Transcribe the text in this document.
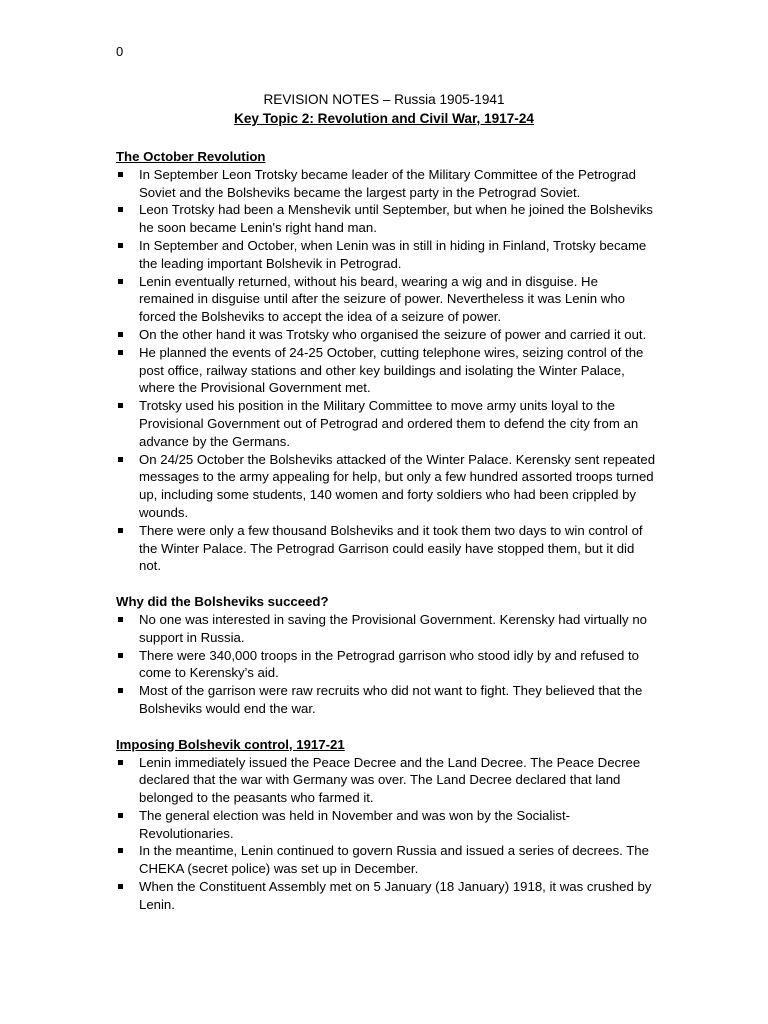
0
REVISION NOTES – Russia 1905-1941
Key Topic 2: Revolution and Civil War, 1917-24
The October Revolution
In September Leon Trotsky became leader of the Military Committee of the Petrograd Soviet and the Bolsheviks became the largest party in the Petrograd Soviet.
Leon Trotsky had been a Menshevik until September, but when he joined the Bolsheviks he soon became Lenin's right hand man.
In September and October, when Lenin was in still in hiding in Finland, Trotsky became the leading important Bolshevik in Petrograd.
Lenin eventually returned, without his beard, wearing a wig and in disguise. He remained in disguise until after the seizure of power. Nevertheless it was Lenin who forced the Bolsheviks to accept the idea of a seizure of power.
On the other hand it was Trotsky who organised the seizure of power and carried it out.
He planned the events of 24-25 October, cutting telephone wires, seizing control of the post office, railway stations and other key buildings and isolating the Winter Palace, where the Provisional Government met.
Trotsky used his position in the Military Committee to move army units loyal to the Provisional Government out of Petrograd and ordered them to defend the city from an advance by the Germans.
On 24/25 October the Bolsheviks attacked of the Winter Palace. Kerensky sent repeated messages to the army appealing for help, but only a few hundred assorted troops turned up, including some students, 140 women and forty soldiers who had been crippled by wounds.
There were only a few thousand Bolsheviks and it took them two days to win control of the Winter Palace. The Petrograd Garrison could easily have stopped them, but it did not.
Why did the Bolsheviks succeed?
No one was interested in saving the Provisional Government. Kerensky had virtually no support in Russia.
There were 340,000 troops in the Petrograd garrison who stood idly by and refused to come to Kerensky’s aid.
Most of the garrison were raw recruits who did not want to fight. They believed that the Bolsheviks would end the war.
Imposing Bolshevik control, 1917-21
Lenin immediately issued the Peace Decree and the Land Decree. The Peace Decree declared that the war with Germany was over. The Land Decree declared that land belonged to the peasants who farmed it.
The general election was held in November and was won by the Socialist-Revolutionaries.
In the meantime, Lenin continued to govern Russia and issued a series of decrees. The CHEKA (secret police) was set up in December.
When the Constituent Assembly met on 5 January (18 January) 1918, it was crushed by Lenin.
